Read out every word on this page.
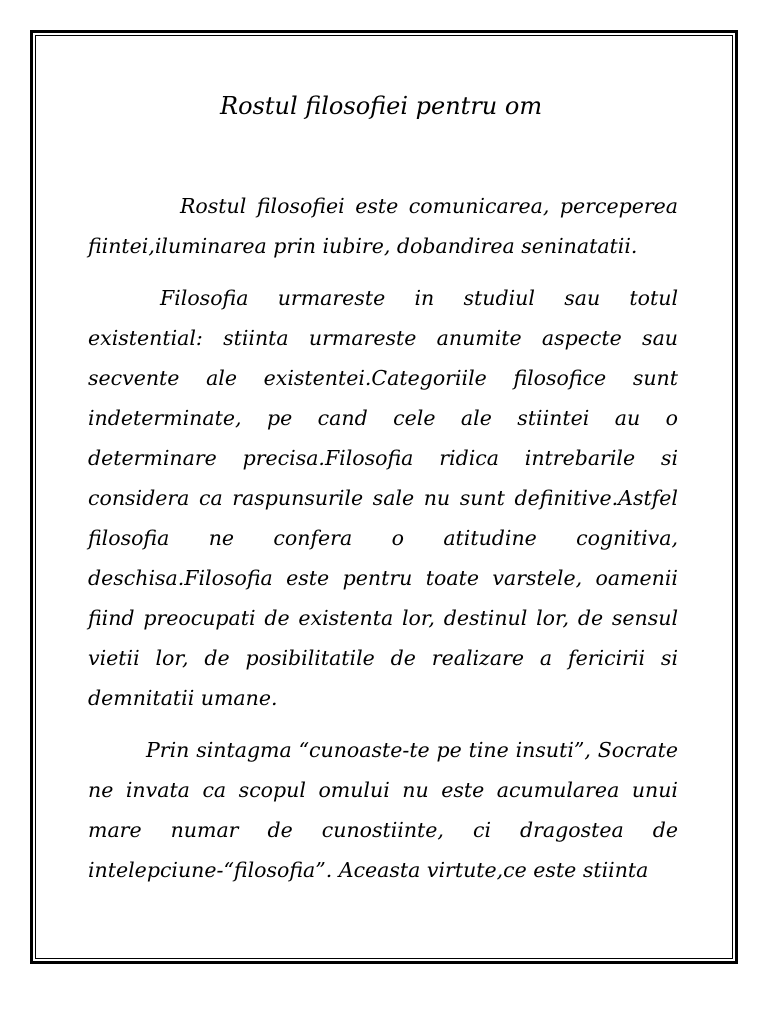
Rostul filosofiei pentru om

Rostul filosofiei este comunicarea, perceperea fiintei,iluminarea prin iubire, dobandirea seninatatii.

Filosofia urmareste in studiul sau totul existential: stiinta urmareste anumite aspecte sau secvente ale existentei.Categoriile filosofice sunt indeterminate, pe cand cele ale stiintei au o determinare precisa.Filosofia ridica intrebarile si considera ca raspunsurile sale nu sunt definitive.Astfel filosofia ne confera o atitudine cognitiva, deschisa.Filosofia este pentru toate varstele, oamenii fiind preocupati de existenta lor, destinul lor, de sensul vietii lor, de posibilitatile de realizare a fericirii si demnitatii umane.

Prin sintagma “cunoaste-te pe tine insuti”, Socrate ne invata ca scopul omului nu este acumularea unui mare numar de cunostiinte, ci dragostea de intelepciune-“filosofia”. Aceasta virtute,ce este stiinta
